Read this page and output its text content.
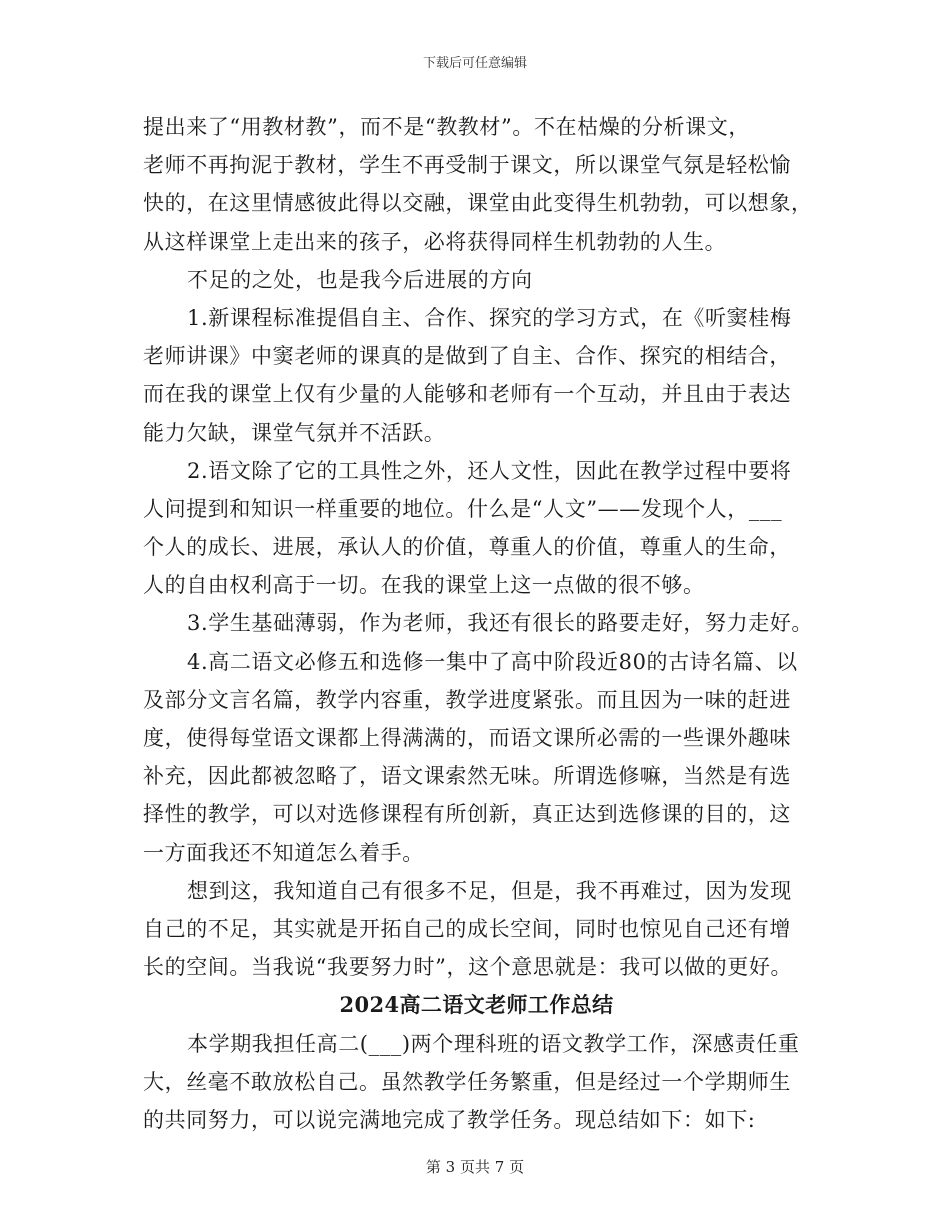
下载后可任意编辑
提出来了“用教材教”，而不是“教教材”。不在枯燥的分析课文，
老师不再拘泥于教材，学生不再受制于课文，所以课堂气氛是轻松愉
快的，在这里情感彼此得以交融，课堂由此变得生机勃勃，可以想象，
从这样课堂上走出来的孩子，必将获得同样生机勃勃的人生。
不足的之处，也是我今后进展的方向
1.新课程标准提倡自主、合作、探究的学习方式，在《听窦桂梅
老师讲课》中窦老师的课真的是做到了自主、合作、探究的相结合，
而在我的课堂上仅有少量的人能够和老师有一个互动，并且由于表达
能力欠缺，课堂气氛并不活跃。
2.语文除了它的工具性之外，还人文性，因此在教学过程中要将
人问提到和知识一样重要的地位。什么是“人文”——发现个人，___
个人的成长、进展，承认人的价值，尊重人的价值，尊重人的生命，
人的自由权利高于一切。在我的课堂上这一点做的很不够。
3.学生基础薄弱，作为老师，我还有很长的路要走好，努力走好。
4.高二语文必修五和选修一集中了高中阶段近80的古诗名篇、以
及部分文言名篇，教学内容重，教学进度紧张。而且因为一味的赶进
度，使得每堂语文课都上得满满的，而语文课所必需的一些课外趣味
补充，因此都被忽略了，语文课索然无味。所谓选修嘛，当然是有选
择性的教学，可以对选修课程有所创新，真正达到选修课的目的，这
一方面我还不知道怎么着手。
想到这，我知道自己有很多不足，但是，我不再难过，因为发现
自己的不足，其实就是开拓自己的成长空间，同时也惊见自己还有增
长的空间。当我说“我要努力时”，这个意思就是：我可以做的更好。
2024高二语文老师工作总结
本学期我担任高二(___)两个理科班的语文教学工作，深感责任重
大，丝毫不敢放松自己。虽然教学任务繁重，但是经过一个学期师生
的共同努力，可以说完满地完成了教学任务。现总结如下：如下:
第 3 页共 7 页
